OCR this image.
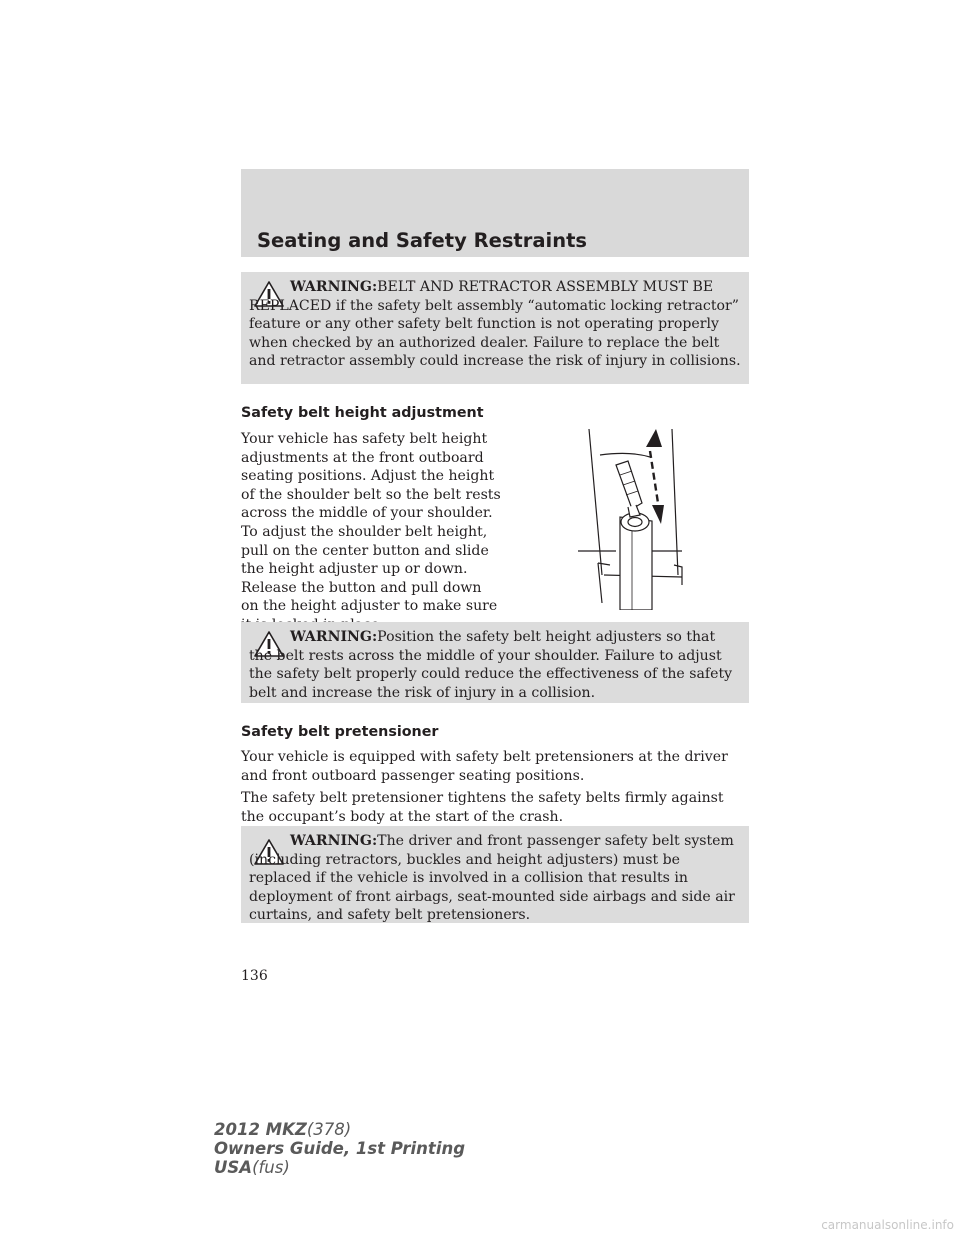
Seating and Safety Restraints
WARNING:BELT AND RETRACTOR ASSEMBLY MUST BE REPLACED if the safety belt assembly “automatic locking retractor” feature or any other safety belt function is not operating properly when checked by an authorized dealer. Failure to replace the belt and retractor assembly could increase the risk of injury in collisions.
Safety belt height adjustment

Your vehicle has safety belt height adjustments at the front outboard seating positions. Adjust the height of the shoulder belt so the belt rests across the middle of your shoulder.

To adjust the shoulder belt height, pull on the center button and slide the height adjuster up or down. Release the button and pull down on the height adjuster to make sure

WARNING:Position the safety belt height adjusters so that the belt rests across the middle of your shoulder. Failure to adjust the safety belt properly could reduce the effectiveness of the safety belt and increase the risk of injury in a collision.
Safety belt pretensioner

Your vehicle is equipped with safety belt pretensioners at the driver and front outboard passenger seating positions.

The safety belt pretensioner tightens the safety belts firmly against the occupant’s body at the start of the crash.

WARNING:The driver and front passenger safety belt system (including retractors, buckles and height adjusters) must be replaced if the vehicle is involved in a collision that results in deployment of front airbags, seat-mounted side airbags and side air curtains, and safety belt pretensioners.
136
2012 MKZ(378)
Owners Guide, 1st Printing
USA(fus)
carmanualsonline.info
